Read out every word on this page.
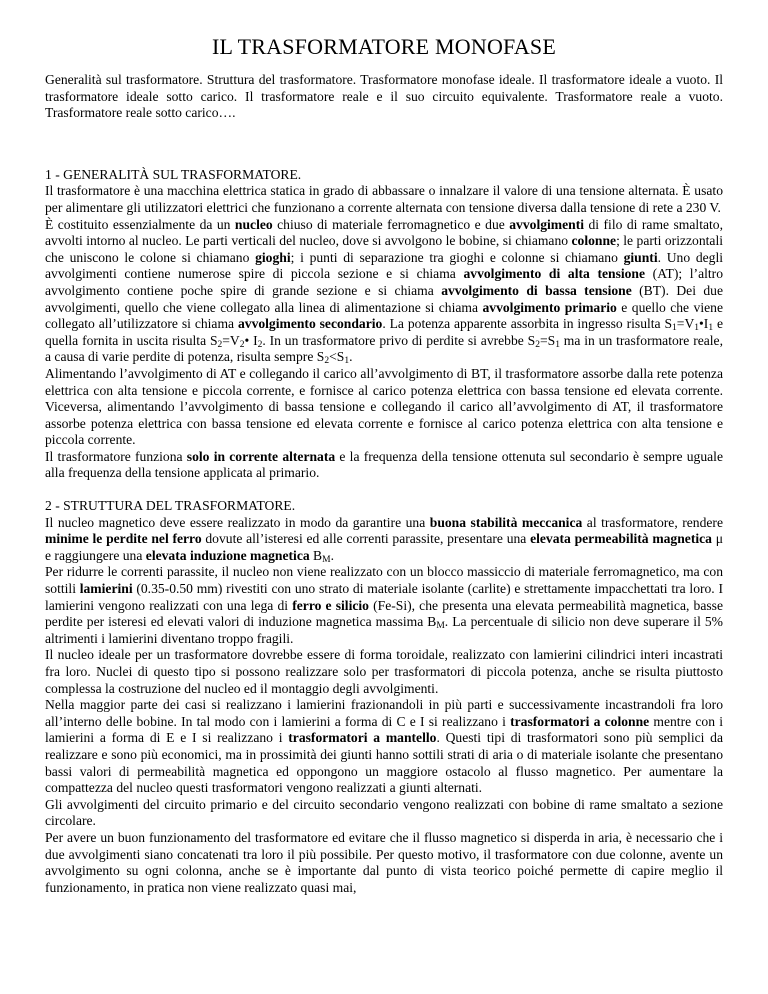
IL TRASFORMATORE MONOFASE

Generalità sul trasformatore. Struttura del trasformatore. Trasformatore monofase ideale. Il trasformatore ideale a vuoto. Il trasformatore ideale sotto carico. Il trasformatore reale e il suo circuito equivalente. Trasformatore reale a vuoto. Trasformatore reale sotto carico….

1 - GENERALITÀ SUL TRASFORMATORE.

Il trasformatore è una macchina elettrica statica in grado di abbassare o innalzare il valore di una tensione alternata. È usato per alimentare gli utilizzatori elettrici che funzionano a corrente alternata con tensione diversa dalla tensione di rete a 230 V.

È costituito essenzialmente da un nucleo chiuso di materiale ferromagnetico e due avvolgimenti di filo di rame smaltato, avvolti intorno al nucleo. Le parti verticali del nucleo, dove si avvolgono le bobine, si chiamano colonne; le parti orizzontali che uniscono le colone si chiamano gioghi; i punti di separazione tra gioghi e colonne si chiamano giunti. Uno degli avvolgimenti contiene numerose spire di piccola sezione e si chiama avvolgimento di alta tensione (AT); l’altro avvolgimento contiene poche spire di grande sezione e si chiama avvolgimento di bassa tensione (BT). Dei due avvolgimenti, quello che viene collegato alla linea di alimentazione si chiama avvolgimento primario e quello che viene collegato all’utilizzatore si chiama avvolgimento secondario. La potenza apparente assorbita in ingresso risulta $S_1=V_1•I_1$ e quella fornita in uscita risulta $S_2=V_2•$ $I_2$. In un trasformatore privo di perdite si avrebbe $S_2=S_1$ ma in un trasformatore reale, a causa di varie perdite di potenza, risulta sempre $S_2<S_1$.

Alimentando l’avvolgimento di AT e collegando il carico all’avvolgimento di BT, il trasformatore assorbe dalla rete potenza elettrica con alta tensione e piccola corrente, e fornisce al carico potenza elettrica con bassa tensione ed elevata corrente. Viceversa, alimentando l’avvolgimento di bassa tensione e collegando il carico all’avvolgimento di AT, il trasformatore assorbe potenza elettrica con bassa tensione ed elevata corrente e fornisce al carico potenza elettrica con alta tensione e piccola corrente.

Il trasformatore funziona solo in corrente alternata e la frequenza della tensione ottenuta sul secondario è sempre uguale alla frequenza della tensione applicata al primario.

2 - STRUTTURA DEL TRASFORMATORE.

Il nucleo magnetico deve essere realizzato in modo da garantire una buona stabilità meccanica al trasformatore, rendere minime le perdite nel ferro dovute all’isteresi ed alle correnti parassite, presentare una elevata permeabilità magnetica μ e raggiungere una elevata induzione magnetica $B_M$.

Per ridurre le correnti parassite, il nucleo non viene realizzato con un blocco massiccio di materiale ferromagnetico, ma con sottili lamierini (0.35-0.50 mm) rivestiti con uno strato di materiale isolante (carlite) e strettamente impacchettati tra loro. I lamierini vengono realizzati con una lega di ferro e silicio (Fe-Si), che presenta una elevata permeabilità magnetica, basse perdite per isteresi ed elevati valori di induzione magnetica massima $B_M$. La percentuale di silicio non deve superare il 5% altrimenti i lamierini diventano troppo fragili.

Il nucleo ideale per un trasformatore dovrebbe essere di forma toroidale, realizzato con lamierini cilindrici interi incastrati fra loro. Nuclei di questo tipo si possono realizzare solo per trasformatori di piccola potenza, anche se risulta piuttosto complessa la costruzione del nucleo ed il montaggio degli avvolgimenti.

Nella maggior parte dei casi si realizzano i lamierini frazionandoli in più parti e successivamente incastrandoli fra loro all’interno delle bobine. In tal modo con i lamierini a forma di C e I si realizzano i trasformatori a colonne mentre con i lamierini a forma di E e I si realizzano i trasformatori a mantello. Questi tipi di trasformatori sono più semplici da realizzare e sono più economici, ma in prossimità dei giunti hanno sottili strati di aria o di materiale isolante che presentano bassi valori di permeabilità magnetica ed oppongono un maggiore ostacolo al flusso magnetico. Per aumentare la compattezza del nucleo questi trasformatori vengono realizzati a giunti alternati.

Gli avvolgimenti del circuito primario e del circuito secondario vengono realizzati con bobine di rame smaltato a sezione circolare.

Per avere un buon funzionamento del trasformatore ed evitare che il flusso magnetico si disperda in aria, è necessario che i due avvolgimenti siano concatenati tra loro il più possibile. Per questo motivo, il trasformatore con due colonne, avente un avvolgimento su ogni colonna, anche se è importante dal punto di vista teorico poiché permette di capire meglio il funzionamento, in pratica non viene realizzato quasi mai,
